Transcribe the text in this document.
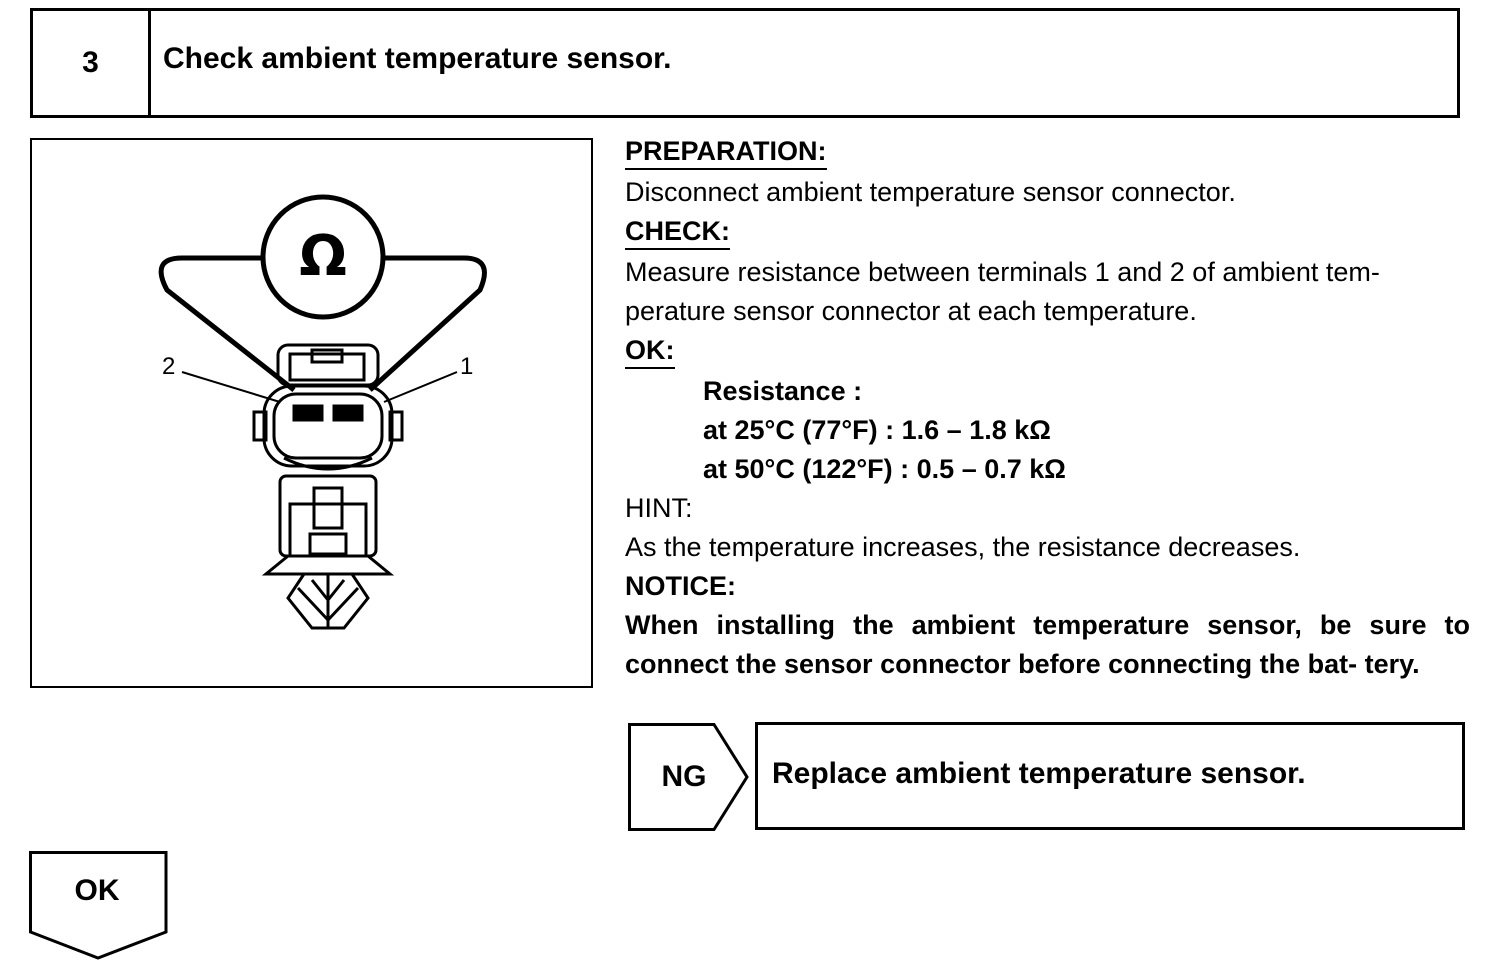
3	Check ambient temperature sensor.
Ω
2	1
PREPARATION:
Disconnect ambient temperature sensor connector.
CHECK:
Measure resistance between terminals 1 and 2 of ambient tem-
perature sensor connector at each temperature.
OK:
Resistance :
at 25°C (77°F) : 1.6 – 1.8 kΩ
at 50°C (122°F) : 0.5 – 0.7 kΩ
HINT:
As the temperature increases, the resistance decreases.
NOTICE:
When installing the ambient temperature sensor, be sure to connect the sensor connector before connecting the bat- tery.
NG	Replace ambient temperature sensor.
OK
